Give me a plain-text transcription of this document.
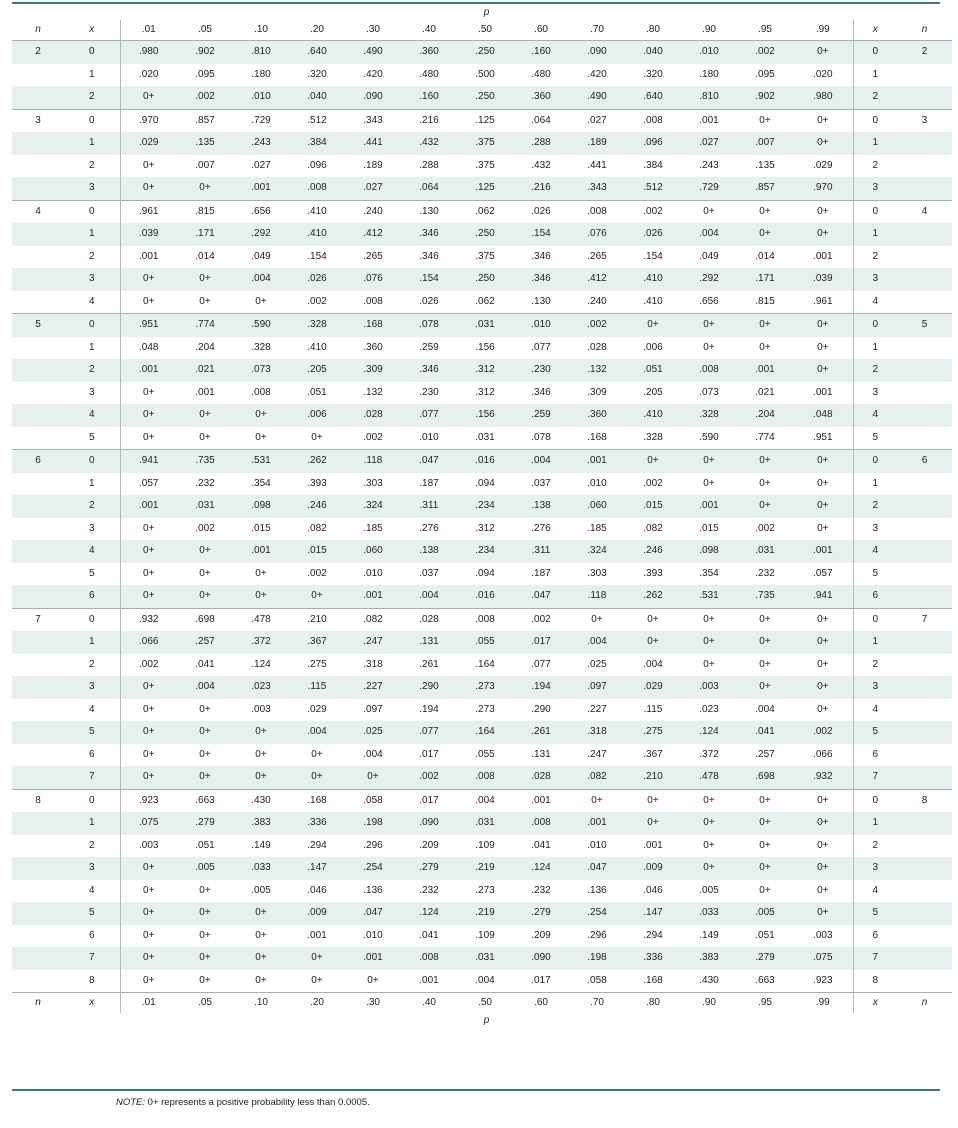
		p														
n	x	.01	.05	.10	.20	.30	.40	.50	.60	.70	.80	.90	.95	.99	x	n
2	0	.980	.902	.810	.640	.490	.360	.250	.160	.090	.040	.010	.002	0+	0	2
	1	.020	.095	.180	.320	.420	.480	.500	.480	.420	.320	.180	.095	.020	1	
	2	0+	.002	.010	.040	.090	.160	.250	.360	.490	.640	.810	.902	.980	2	
3	0	.970	.857	.729	.512	.343	.216	.125	.064	.027	.008	.001	0+	0+	0	3
	1	.029	.135	.243	.384	.441	.432	.375	.288	.189	.096	.027	.007	0+	1	
	2	0+	.007	.027	.096	.189	.288	.375	.432	.441	.384	.243	.135	.029	2	
	3	0+	0+	.001	.008	.027	.064	.125	.216	.343	.512	.729	.857	.970	3	
4	0	.961	.815	.656	.410	.240	.130	.062	.026	.008	.002	0+	0+	0+	0	4
	1	.039	.171	.292	.410	.412	.346	.250	.154	.076	.026	.004	0+	0+	1	
	2	.001	.014	.049	.154	.265	.346	.375	.346	.265	.154	.049	.014	.001	2	
	3	0+	0+	.004	.026	.076	.154	.250	.346	.412	.410	.292	.171	.039	3	
	4	0+	0+	0+	.002	.008	.026	.062	.130	.240	.410	.656	.815	.961	4	
5	0	.951	.774	.590	.328	.168	.078	.031	.010	.002	0+	0+	0+	0+	0	5
	1	.048	.204	.328	.410	.360	.259	.156	.077	.028	.006	0+	0+	0+	1	
	2	.001	.021	.073	.205	.309	.346	.312	.230	.132	.051	.008	.001	0+	2	
	3	0+	.001	.008	.051	.132	.230	.312	.346	.309	.205	.073	.021	.001	3	
	4	0+	0+	0+	.006	.028	.077	.156	.259	.360	.410	.328	.204	.048	4	
	5	0+	0+	0+	0+	.002	.010	.031	.078	.168	.328	.590	.774	.951	5	
6	0	.941	.735	.531	.262	.118	.047	.016	.004	.001	0+	0+	0+	0+	0	6
	1	.057	.232	.354	.393	.303	.187	.094	.037	.010	.002	0+	0+	0+	1	
	2	.001	.031	.098	.246	.324	.311	.234	.138	.060	.015	.001	0+	0+	2	
	3	0+	.002	.015	.082	.185	.276	.312	.276	.185	.082	.015	.002	0+	3	
	4	0+	0+	.001	.015	.060	.138	.234	.311	.324	.246	.098	.031	.001	4	
	5	0+	0+	0+	.002	.010	.037	.094	.187	.303	.393	.354	.232	.057	5	
	6	0+	0+	0+	0+	.001	.004	.016	.047	.118	.262	.531	.735	.941	6	
7	0	.932	.698	.478	.210	.082	.028	.008	.002	0+	0+	0+	0+	0+	0	7
	1	.066	.257	.372	.367	.247	.131	.055	.017	.004	0+	0+	0+	0+	1	
	2	.002	.041	.124	.275	.318	.261	.164	.077	.025	.004	0+	0+	0+	2	
	3	0+	.004	.023	.115	.227	.290	.273	.194	.097	.029	.003	0+	0+	3	
	4	0+	0+	.003	.029	.097	.194	.273	.290	.227	.115	.023	.004	0+	4	
	5	0+	0+	0+	.004	.025	.077	.164	.261	.318	.275	.124	.041	.002	5	
	6	0+	0+	0+	0+	.004	.017	.055	.131	.247	.367	.372	.257	.066	6	
	7	0+	0+	0+	0+	0+	.002	.008	.028	.082	.210	.478	.698	.932	7	
8	0	.923	.663	.430	.168	.058	.017	.004	.001	0+	0+	0+	0+	0+	0	8
	1	.075	.279	.383	.336	.198	.090	.031	.008	.001	0+	0+	0+	0+	1	
	2	.003	.051	.149	.294	.296	.209	.109	.041	.010	.001	0+	0+	0+	2	
	3	0+	.005	.033	.147	.254	.279	.219	.124	.047	.009	0+	0+	0+	3	
	4	0+	0+	.005	.046	.136	.232	.273	.232	.136	.046	.005	0+	0+	4	
	5	0+	0+	0+	.009	.047	.124	.219	.279	.254	.147	.033	.005	0+	5	
	6	0+	0+	0+	.001	.010	.041	.109	.209	.296	.294	.149	.051	.003	6	
	7	0+	0+	0+	0+	.001	.008	.031	.090	.198	.336	.383	.279	.075	7	
	8	0+	0+	0+	0+	0+	.001	.004	.017	.058	.168	.430	.663	.923	8	
n	x	.01	.05	.10	.20	.30	.40	.50	.60	.70	.80	.90	.95	.99	x	n
		p														
NOTE: 0+ represents a positive probability less than 0.0005.
